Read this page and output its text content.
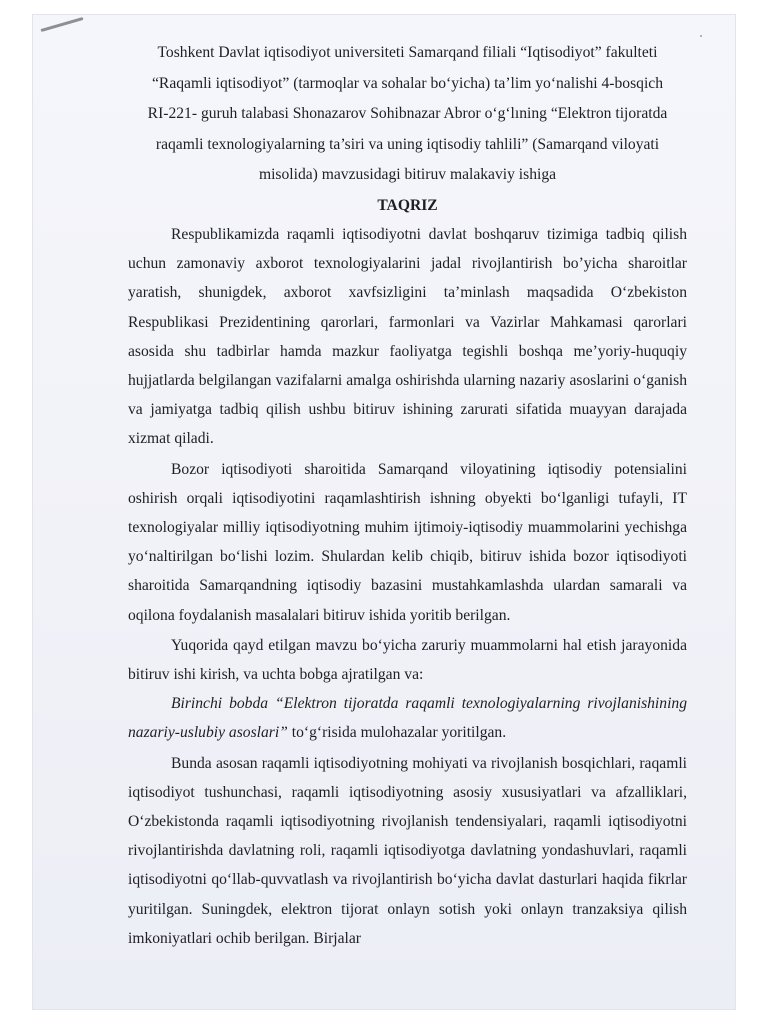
Toshkent Davlat iqtisodiyot universiteti Samarqand filiali “Iqtisodiyot” fakulteti
“Raqamli iqtisodiyot” (tarmoqlar va sohalar bo‘yicha) ta’lim yo‘nalishi 4-bosqich
RI-221- guruh talabasi Shonazarov Sohibnazar Abror o‘g‘lıning “Elektron tijoratda
raqamli texnologiyalarning ta’siri va uning iqtisodiy tahlili” (Samarqand viloyati
misolida) mavzusidagi bitiruv malakaviy ishiga
TAQRIZ

Respublikamizda raqamli iqtisodiyotni davlat boshqaruv tizimiga tadbiq qilish uchun zamonaviy axborot texnologiyalarini jadal rivojlantirish bo’yicha sharoitlar yaratish, shunigdek, axborot xavfsizligini ta’minlash maqsadida O‘zbekiston Respublikasi Prezidentining qarorlari, farmonlari va Vazirlar Mahkamasi qarorlari asosida shu tadbirlar hamda mazkur faoliyatga tegishli boshqa me’yoriy-huquqiy hujjatlarda belgilangan vazifalarni amalga oshirishda ularning nazariy asoslarini o‘ganish va jamiyatga tadbiq qilish ushbu bitiruv ishining zarurati sifatida muayyan darajada xizmat qiladi.

Bozor iqtisodiyoti sharoitida Samarqand viloyatining iqtisodiy potensialini oshirish orqali iqtisodiyotini raqamlashtirish ishning obyekti bo‘lganligi tufayli, IT texnologiyalar milliy iqtisodiyotning muhim ijtimoiy-iqtisodiy muammolarini yechishga yo‘naltirilgan bo‘lishi lozim. Shulardan kelib chiqib, bitiruv ishida bozor iqtisodiyoti sharoitida Samarqandning iqtisodiy bazasini mustahkamlashda ulardan samarali va oqilona foydalanish masalalari bitiruv ishida yoritib berilgan.

Yuqorida qayd etilgan mavzu bo‘yicha zaruriy muammolarni hal etish jarayonida bitiruv ishi kirish, va uchta bobga ajratilgan va:

Birinchi bobda “Elektron tijoratda raqamli texnologiyalarning rivojlanishining nazariy-uslubiy asoslari” to‘g‘risida mulohazalar yoritilgan.

Bunda asosan raqamli iqtisodiyotning mohiyati va rivojlanish bosqichlari, raqamli iqtisodiyot tushunchasi, raqamli iqtisodiyotning asosiy xususiyatlari va afzalliklari, O‘zbekistonda raqamli iqtisodiyotning rivojlanish tendensiyalari, raqamli iqtisodiyotni rivojlantirishda davlatning roli, raqamli iqtisodiyotga davlatning yondashuvlari, raqamli iqtisodiyotni qo‘llab-quvvatlash va rivojlantirish bo‘yicha davlat dasturlari haqida fikrlar yuritilgan. Suningdek, elektron tijorat onlayn sotish yoki onlayn tranzaksiya qilish imkoniyatlari ochib berilgan. Birjalar
